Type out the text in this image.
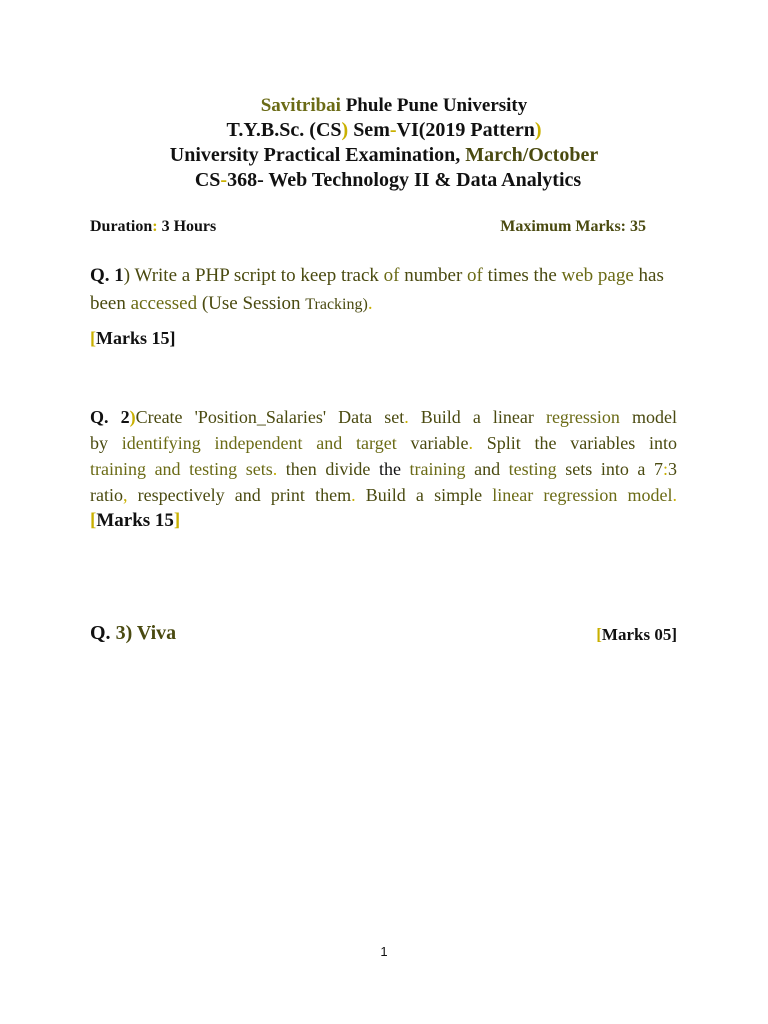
Savitribai Phule Pune University
T.Y.B.Sc. (CS) Sem-VI(2019 Pattern)
University Practical Examination, March/October
CS-368- Web Technology II & Data Analytics
Duration: 3 Hours	Maximum Marks: 35
Q. 1) Write a PHP script to keep track of number of times the web page has been accessed (Use Session Tracking).
[Marks 15]
Q. 2)Create 'Position_Salaries' Data set. Build a linear regression model
by identifying independent and target variable. Split the variables into
training and testing sets. then divide the training and testing sets into a 7:3
ratio, respectively and print them. Build a simple linear regression model.
[Marks 15]
Q. 3) Viva	[Marks 05]
1
